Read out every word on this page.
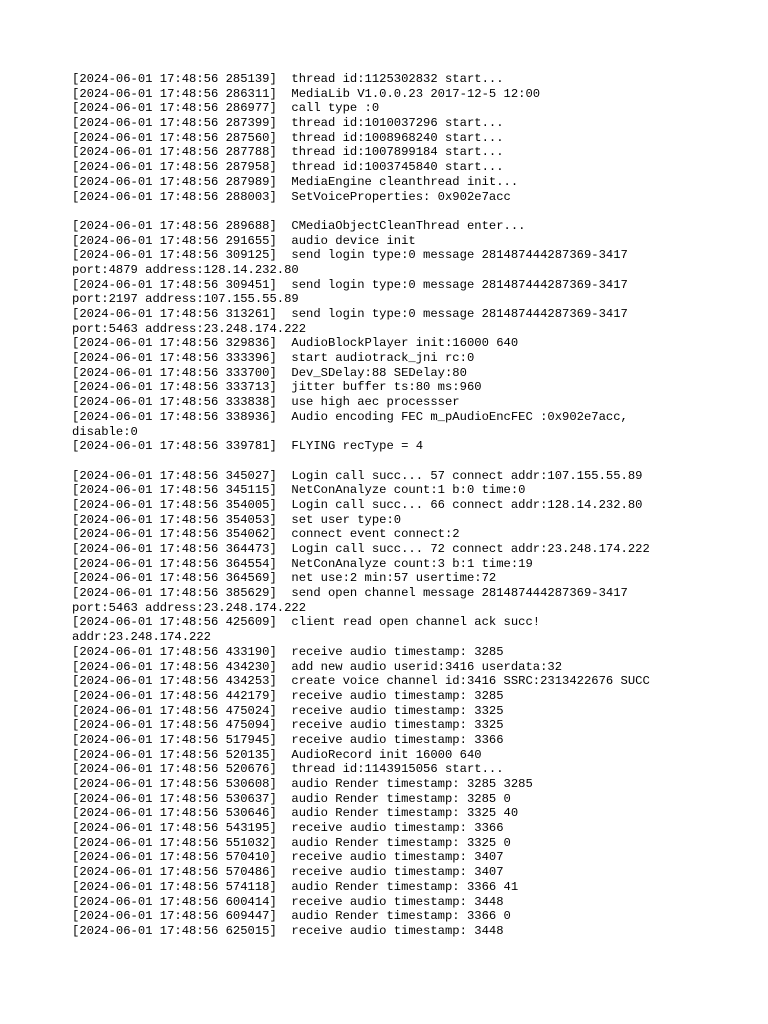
[2024-06-01 17:48:56 285139]  thread id:1125302832 start...
[2024-06-01 17:48:56 286311]  MediaLib V1.0.0.23 2017-12-5 12:00
[2024-06-01 17:48:56 286977]  call type :0
[2024-06-01 17:48:56 287399]  thread id:1010037296 start...
[2024-06-01 17:48:56 287560]  thread id:1008968240 start...
[2024-06-01 17:48:56 287788]  thread id:1007899184 start...
[2024-06-01 17:48:56 287958]  thread id:1003745840 start...
[2024-06-01 17:48:56 287989]  MediaEngine cleanthread init...
[2024-06-01 17:48:56 288003]  SetVoiceProperties: 0x902e7acc
[2024-06-01 17:48:56 289688]  CMediaObjectCleanThread enter...
[2024-06-01 17:48:56 291655]  audio device init
[2024-06-01 17:48:56 309125]  send login type:0 message 281487444287369-3417
port:4879 address:128.14.232.80
[2024-06-01 17:48:56 309451]  send login type:0 message 281487444287369-3417
port:2197 address:107.155.55.89
[2024-06-01 17:48:56 313261]  send login type:0 message 281487444287369-3417
port:5463 address:23.248.174.222
[2024-06-01 17:48:56 329836]  AudioBlockPlayer init:16000 640
[2024-06-01 17:48:56 333396]  start audiotrack_jni rc:0
[2024-06-01 17:48:56 333700]  Dev_SDelay:88 SEDelay:80
[2024-06-01 17:48:56 333713]  jitter buffer ts:80 ms:960
[2024-06-01 17:48:56 333838]  use high aec processser
[2024-06-01 17:48:56 338936]  Audio encoding FEC m_pAudioEncFEC :0x902e7acc,
disable:0
[2024-06-01 17:48:56 339781]  FLYING recType = 4
[2024-06-01 17:48:56 345027]  Login call succ... 57 connect addr:107.155.55.89
[2024-06-01 17:48:56 345115]  NetConAnalyze count:1 b:0 time:0
[2024-06-01 17:48:56 354005]  Login call succ... 66 connect addr:128.14.232.80
[2024-06-01 17:48:56 354053]  set user type:0
[2024-06-01 17:48:56 354062]  connect event connect:2
[2024-06-01 17:48:56 364473]  Login call succ... 72 connect addr:23.248.174.222
[2024-06-01 17:48:56 364554]  NetConAnalyze count:3 b:1 time:19
[2024-06-01 17:48:56 364569]  net use:2 min:57 usertime:72
[2024-06-01 17:48:56 385629]  send open channel message 281487444287369-3417
port:5463 address:23.248.174.222
[2024-06-01 17:48:56 425609]  client read open channel ack succ!
addr:23.248.174.222
[2024-06-01 17:48:56 433190]  receive audio timestamp: 3285
[2024-06-01 17:48:56 434230]  add new audio userid:3416 userdata:32
[2024-06-01 17:48:56 434253]  create voice channel id:3416 SSRC:2313422676 SUCC
[2024-06-01 17:48:56 442179]  receive audio timestamp: 3285
[2024-06-01 17:48:56 475024]  receive audio timestamp: 3325
[2024-06-01 17:48:56 475094]  receive audio timestamp: 3325
[2024-06-01 17:48:56 517945]  receive audio timestamp: 3366
[2024-06-01 17:48:56 520135]  AudioRecord init 16000 640
[2024-06-01 17:48:56 520676]  thread id:1143915056 start...
[2024-06-01 17:48:56 530608]  audio Render timestamp: 3285 3285
[2024-06-01 17:48:56 530637]  audio Render timestamp: 3285 0
[2024-06-01 17:48:56 530646]  audio Render timestamp: 3325 40
[2024-06-01 17:48:56 543195]  receive audio timestamp: 3366
[2024-06-01 17:48:56 551032]  audio Render timestamp: 3325 0
[2024-06-01 17:48:56 570410]  receive audio timestamp: 3407
[2024-06-01 17:48:56 570486]  receive audio timestamp: 3407
[2024-06-01 17:48:56 574118]  audio Render timestamp: 3366 41
[2024-06-01 17:48:56 600414]  receive audio timestamp: 3448
[2024-06-01 17:48:56 609447]  audio Render timestamp: 3366 0
[2024-06-01 17:48:56 625015]  receive audio timestamp: 3448
